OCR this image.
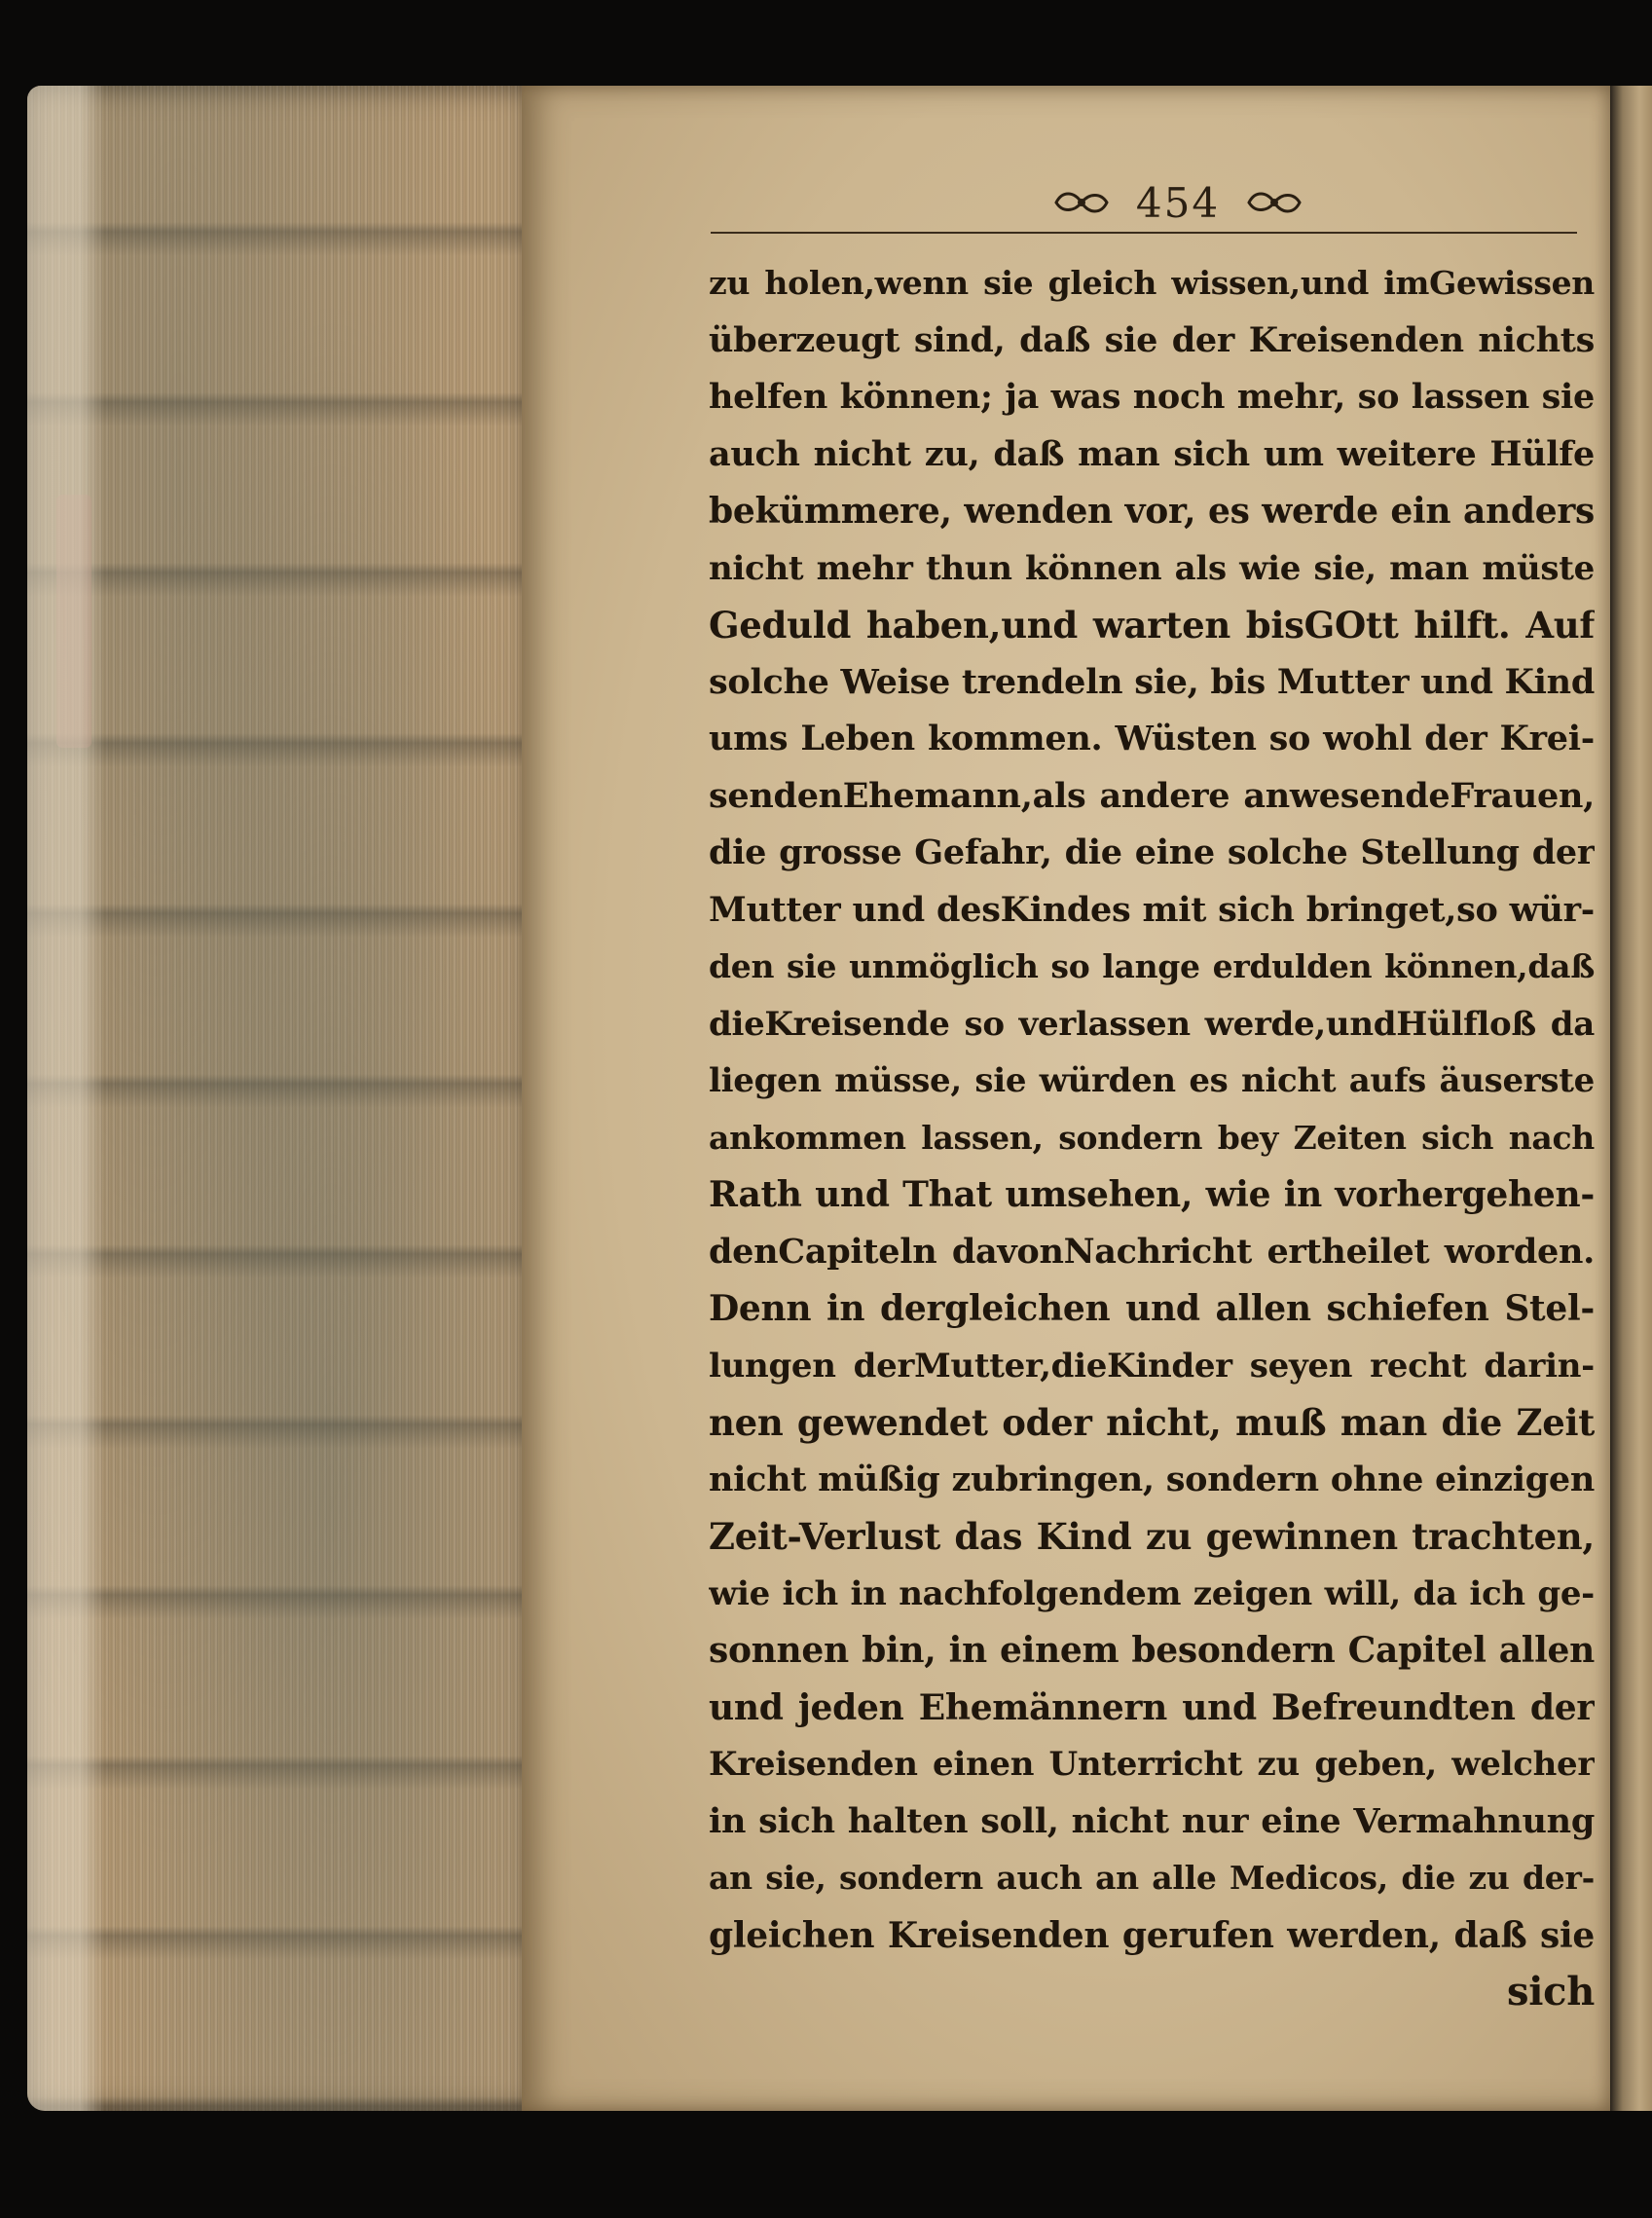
454
zu holen,wenn sie gleich wissen,und imGewissen
überzeugt sind, daß sie der Kreisenden nichts
helfen können; ja was noch mehr, so lassen sie
auch nicht zu, daß man sich um weitere Hülfe
bekümmere, wenden vor, es werde ein anders
nicht mehr thun können als wie sie, man müste
Geduld haben,und warten bisGOtt hilft. Auf
solche Weise trendeln sie, bis Mutter und Kind
ums Leben kommen. Wüsten so wohl der Krei-
sendenEhemann,als andere anwesendeFrauen,
die grosse Gefahr, die eine solche Stellung der
Mutter und desKindes mit sich bringet,so wür-
den sie unmöglich so lange erdulden können,daß
dieKreisende so verlassen werde,undHülfloß da
liegen müsse, sie würden es nicht aufs äuserste
ankommen lassen, sondern bey Zeiten sich nach
Rath und That umsehen, wie in vorhergehen-
denCapiteln davonNachricht ertheilet worden.
Denn in dergleichen und allen schiefen Stel-
lungen derMutter,dieKinder seyen recht darin-
nen gewendet oder nicht, muß man die Zeit
nicht müßig zubringen, sondern ohne einzigen
Zeit-Verlust das Kind zu gewinnen trachten,
wie ich in nachfolgendem zeigen will, da ich ge-
sonnen bin, in einem besondern Capitel allen
und jeden Ehemännern und Befreundten der
Kreisenden einen Unterricht zu geben, welcher
in sich halten soll, nicht nur eine Vermahnung
an sie, sondern auch an alle Medicos, die zu der-
gleichen Kreisenden gerufen werden, daß sie
sich
